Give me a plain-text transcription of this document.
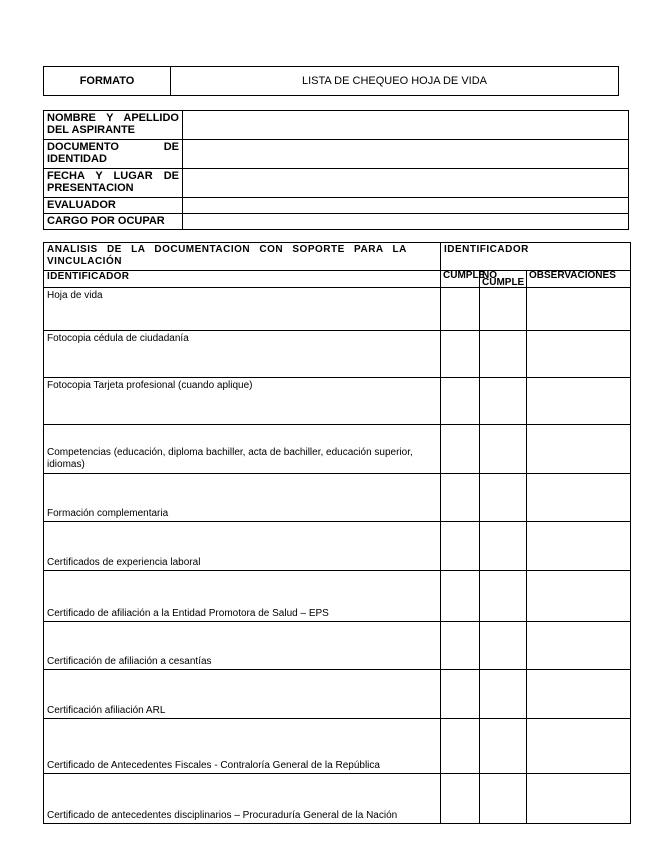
FORMATO	LISTA DE CHEQUEO HOJA DE VIDA
NOMBRE Y APELLIDO DEL ASPIRANTE	
DOCUMENTO DE IDENTIDAD	
FECHA Y LUGAR DE PRESENTACION	
EVALUADOR	
CARGO POR OCUPAR	
ANALISIS DE LA DOCUMENTACION CON SOPORTE PARA LA VINCULACIÓN	IDENTIFICADOR		
IDENTIFICADOR	CUMPLE	NO CUMPLE	OBSERVACIONES
Hoja de vida			
Fotocopia cédula de ciudadanía			
Fotocopia Tarjeta profesional (cuando aplique)			
Competencias (educación, diploma bachiller, acta de bachiller, educación superior, idiomas)			
Formación complementaria			
Certificados de experiencia laboral			
Certificado de afiliación a la Entidad Promotora de Salud – EPS			
Certificación de afiliación a cesantías			
Certificación afiliación ARL			
Certificado de Antecedentes Fiscales - Contraloría General de la República			
Certificado de antecedentes disciplinarios – Procuraduría General de la Nación			
